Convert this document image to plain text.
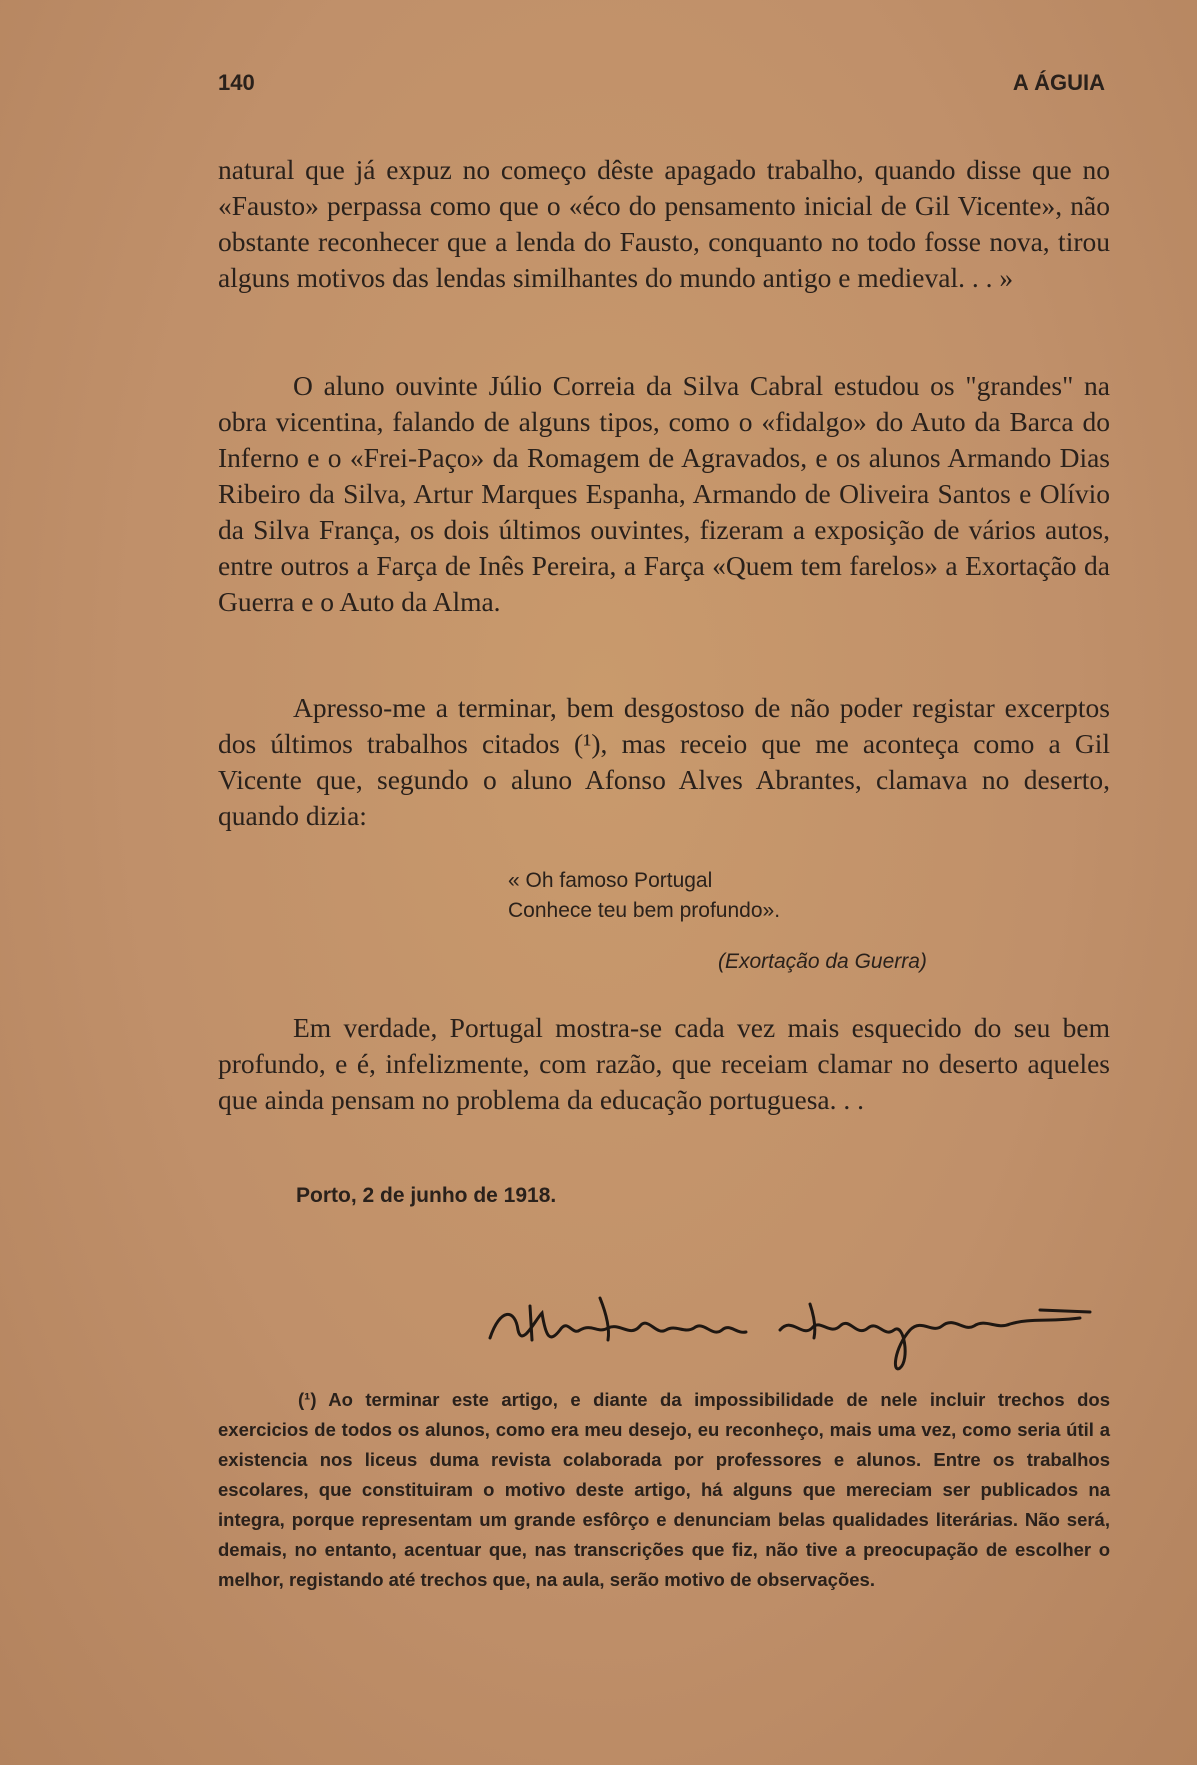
140	A ÁGUIA

natural que já expuz no começo dêste apagado trabalho, quando disse que no «Fausto» perpassa como que o «éco do pensamento inicial de Gil Vicente», não obstante reconhecer que a lenda do Fausto, conquanto no todo fosse nova, tirou alguns motivos das lendas similhantes do mundo antigo e medieval. . . »

O aluno ouvinte Júlio Correia da Silva Cabral estudou os "grandes" na obra vicentina, falando de alguns tipos, como o «fidalgo» do Auto da Barca do Inferno e o «Frei-Paço» da Romagem de Agravados, e os alunos Armando Dias Ribeiro da Silva, Artur Marques Espanha, Armando de Oliveira Santos e Olívio da Silva França, os dois últimos ouvintes, fizeram a exposição de vários autos, entre outros a Farça de Inês Pereira, a Farça «Quem tem farelos» a Exortação da Guerra e o Auto da Alma.

Apresso-me a terminar, bem desgostoso de não poder registar excerptos dos últimos trabalhos citados (¹), mas receio que me aconteça como a Gil Vicente que, segundo o aluno Afonso Alves Abrantes, clamava no deserto, quando dizia:

« Oh famoso Portugal
Conhece teu bem profundo».
(Exortação da Guerra)

Em verdade, Portugal mostra-se cada vez mais esquecido do seu bem profundo, e é, infelizmente, com razão, que receiam clamar no deserto aqueles que ainda pensam no problema da educação portuguesa. . .

Porto, 2 de junho de 1918.

(¹) Ao terminar este artigo, e diante da impossibilidade de nele incluir trechos dos exercicios de todos os alunos, como era meu desejo, eu reconheço, mais uma vez, como seria útil a existencia nos liceus duma revista colaborada por professores e alunos. Entre os trabalhos escolares, que constituiram o motivo deste artigo, há alguns que mereciam ser publicados na integra, porque representam um grande esfôrço e denunciam belas qualidades literárias. Não será, demais, no entanto, acentuar que, nas transcrições que fiz, não tive a preocupação de escolher o melhor, registando até trechos que, na aula, serão motivo de observações.
